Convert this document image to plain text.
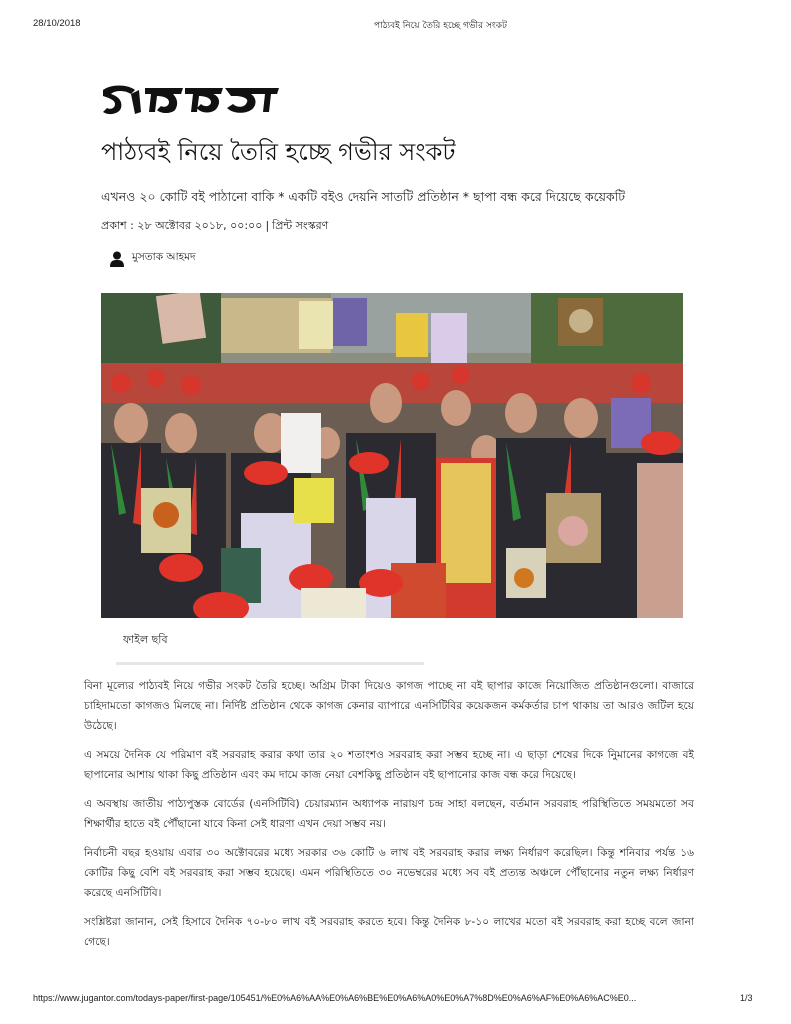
28/10/2018	পাঠ্যবই নিয়ে তৈরি হচ্ছে গভীর সংকট
পাঠ্যবই নিয়ে তৈরি হচ্ছে গভীর সংকট
এখনও ২০ কোটি বই পাঠানো বাকি * একটি বইও দেয়নি সাতটি প্রতিষ্ঠান * ছাপা বন্ধ করে দিয়েছে কয়েকটি
প্রকাশ : ২৮ অক্টোবর ২০১৮, ০০:০০ | প্রিন্ট সংস্করণ
মুসতাক আহমদ
ফাইল ছবি

বিনা মূল্যের পাঠ্যবই নিয়ে গভীর সংকট তৈরি হচ্ছে। অগ্রিম টাকা দিয়েও কাগজ পাচ্ছে না বই ছাপার কাজে নিয়োজিত প্রতিষ্ঠানগুলো। বাজারে চাহিদামতো কাগজও মিলছে না। নির্দিষ্ট প্রতিষ্ঠান থেকে কাগজ কেনার ব্যাপারে এনসিটিবির কয়েকজন কর্মকর্তার চাপ থাকায় তা আরও জটিল হয়ে উঠেছে।

এ সময়ে দৈনিক যে পরিমাণ বই সরবরাহ করার কথা তার ২০ শতাংশও সরবরাহ করা সম্ভব হচ্ছে না। এ ছাড়া শেষের দিকে নিুমানের কাগজে বই ছাপানোর আশায় থাকা কিছু প্রতিষ্ঠান এবং কম দামে কাজ নেয়া বেশকিছু প্রতিষ্ঠান বই ছাপানোর কাজ বন্ধ করে দিয়েছে।

এ অবস্থায় জাতীয় পাঠ্যপুস্তক বোর্ডের (এনসিটিবি) চেয়ারম্যান অধ্যাপক নারায়ণ চন্দ্র সাহা বলছেন, বর্তমান সরবরাহ পরিস্থিতিতে সময়মতো সব শিক্ষার্থীর হাতে বই পৌঁছানো যাবে কিনা সেই ধারণা এখন দেয়া সম্ভব নয়।

নির্বাচনী বছর হওয়ায় এবার ৩০ অক্টোবরের মধ্যে সরকার ৩৬ কোটি ৬ লাখ বই সরবরাহ করার লক্ষ্য নির্ধারণ করেছিল। কিন্তু শনিবার পর্যন্ত ১৬ কোটির কিছু বেশি বই সরবরাহ করা সম্ভব হয়েছে। এমন পরিস্থিতিতে ৩০ নভেম্বরের মধ্যে সব বই প্রত্যন্ত অঞ্চলে পৌঁছানোর নতুন লক্ষ্য নির্ধারণ করেছে এনসিটিবি।

সংশ্লিষ্টরা জানান, সেই হিসাবে দৈনিক ৭০-৮০ লাখ বই সরবরাহ করতে হবে। কিন্তু দৈনিক ৮-১০ লাখের মতো বই সরবরাহ করা হচ্ছে বলে জানা গেছে।

https://www.jugantor.com/todays-paper/first-page/105451/%E0%A6%AA%E0%A6%BE%E0%A6%A0%E0%A7%8D%E0%A6%AF%E0%A6%AC%E0...	1/3
